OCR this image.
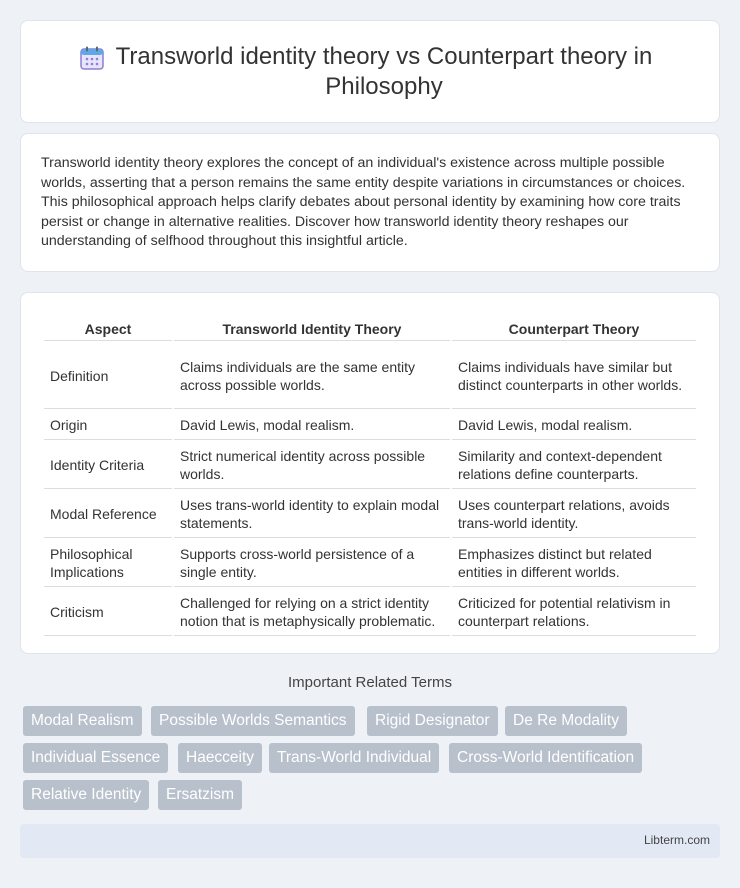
Transworld identity theory vs Counterpart theory in Philosophy

Transworld identity theory explores the concept of an individual's existence across multiple possible worlds, asserting that a person remains the same entity despite variations in circumstances or choices. This philosophical approach helps clarify debates about personal identity by examining how core traits persist or change in alternative realities. Discover how transworld identity theory reshapes our understanding of selfhood throughout this insightful article.

Aspect	Transworld Identity Theory	Counterpart Theory
Definition	Claims individuals are the same entity across possible worlds.	Claims individuals have similar but distinct counterparts in other worlds.
Origin	David Lewis, modal realism.	David Lewis, modal realism.
Identity Criteria	Strict numerical identity across possible worlds.	Similarity and context-dependent relations define counterparts.
Modal Reference	Uses trans-world identity to explain modal statements.	Uses counterpart relations, avoids trans-world identity.
Philosophical Implications	Supports cross-world persistence of a single entity.	Emphasizes distinct but related entities in different worlds.
Criticism	Challenged for relying on a strict identity notion that is metaphysically problematic.	Criticized for potential relativism in counterpart relations.
Important Related Terms
Modal Realism	Possible Worlds Semantics	Rigid Designator	De Re Modality
Individual Essence	Haecceity	Trans-World Individual	Cross-World Identification
Relative Identity	Ersatzism
Libterm.com
